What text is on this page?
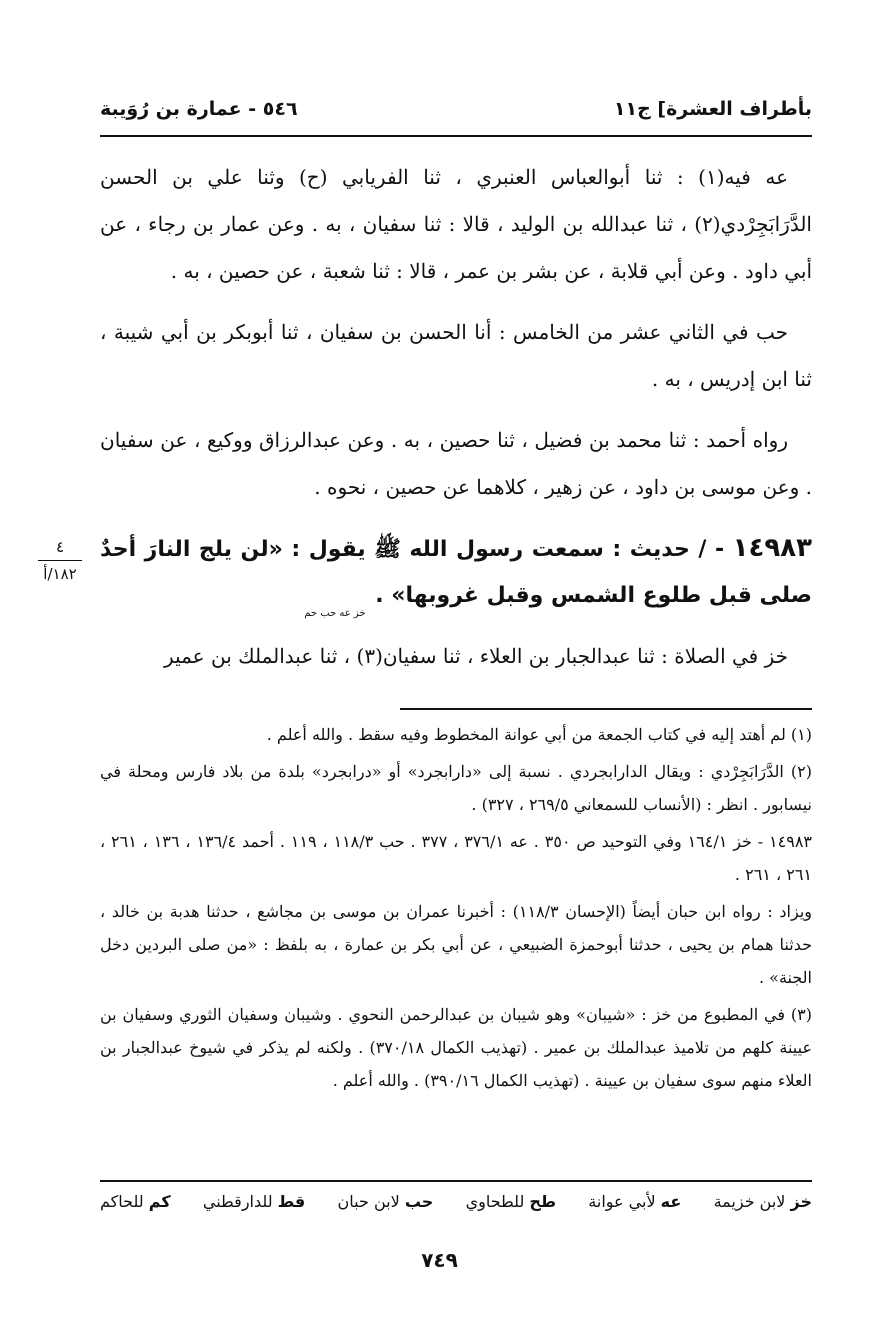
٥٤٦ - عمارة بن رُوَيبة	بأطراف العشرة] ج١١

عه فيه(١) : ثنا أبوالعباس العنبري ، ثنا الفريابي (ح) وثنا علي بن الحسن الدَّرَابَجِرْدي(٢) ، ثنا عبدالله بن الوليد ، قالا : ثنا سفيان ، به . وعن عمار بن رجاء ، عن أبي داود . وعن أبي قلابة ، عن بشر بن عمر ، قالا : ثنا شعبة ، عن حصين ، به .

حب في الثاني عشر من الخامس : أنا الحسن بن سفيان ، ثنا أبوبكر بن أبي شيبة ، ثنا ابن إدريس ، به .

رواه أحمد : ثنا محمد بن فضيل ، ثنا حصين ، به . وعن عبدالرزاق ووكيع ، عن سفيان . وعن موسى بن داود ، عن زهير ، كلاهما عن حصين ، نحوه .

١٤٩٨٣ - / حديث : سمعت رسول الله ﷺ يقول : «لن يلج النارَ أحدٌ صلى قبل طلوع الشمس وقبل غروبها» . خز عه حب حم

خز في الصلاة : ثنا عبدالجبار بن العلاء ، ثنا سفيان(٣) ، ثنا عبدالملك بن عمير

٤
١٨٢/أ

(١) لم أهتد إليه في كتاب الجمعة من أبي عوانة المخطوط وفيه سقط . والله أعلم .

(٢) الدَّرَابَجِرْدي : ويقال الدارابجردي . نسبة إلى «دارابجرد» أو «درابجرد» بلدة من بلاد فارس ومحلة في نيسابور . انظر : (الأنساب للسمعاني ٢٦٩/٥ ، ٣٢٧) .

١٤٩٨٣ - خز ١٦٤/١ وفي التوحيد ص ٣٥٠ . عه ٣٧٦/١ ، ٣٧٧ . حب ١١٨/٣ ، ١١٩ . أحمد ١٣٦/٤ ، ١٣٦ ، ٢٦١ ، ٢٦١ ، ٢٦١ .

ويزاد : رواه ابن حبان أيضاً (الإحسان ١١٨/٣) : أخبرنا عمران بن موسى بن مجاشع ، حدثنا هدبة بن خالد ، حدثنا همام بن يحيى ، حدثنا أبوحمزة الضبيعي ، عن أبي بكر بن عمارة ، به بلفظ : «من صلى البردين دخل الجنة» .

(٣) في المطبوع من خز : «شيبان» وهو شيبان بن عبدالرحمن النحوي . وشيبان وسفيان الثوري وسفيان بن عيينة كلهم من تلاميذ عبدالملك بن عمير . (تهذيب الكمال ٣٧٠/١٨) . ولكنه لم يذكر في شيوخ عبدالجبار بن العلاء منهم سوى سفيان بن عيينة . (تهذيب الكمال ٣٩٠/١٦) . والله أعلم .

خز لابن خزيمة
عه لأبي عوانة
طح للطحاوي
حب لابن حبان
قط للدارقطني
كم للحاكم
٧٤٩
